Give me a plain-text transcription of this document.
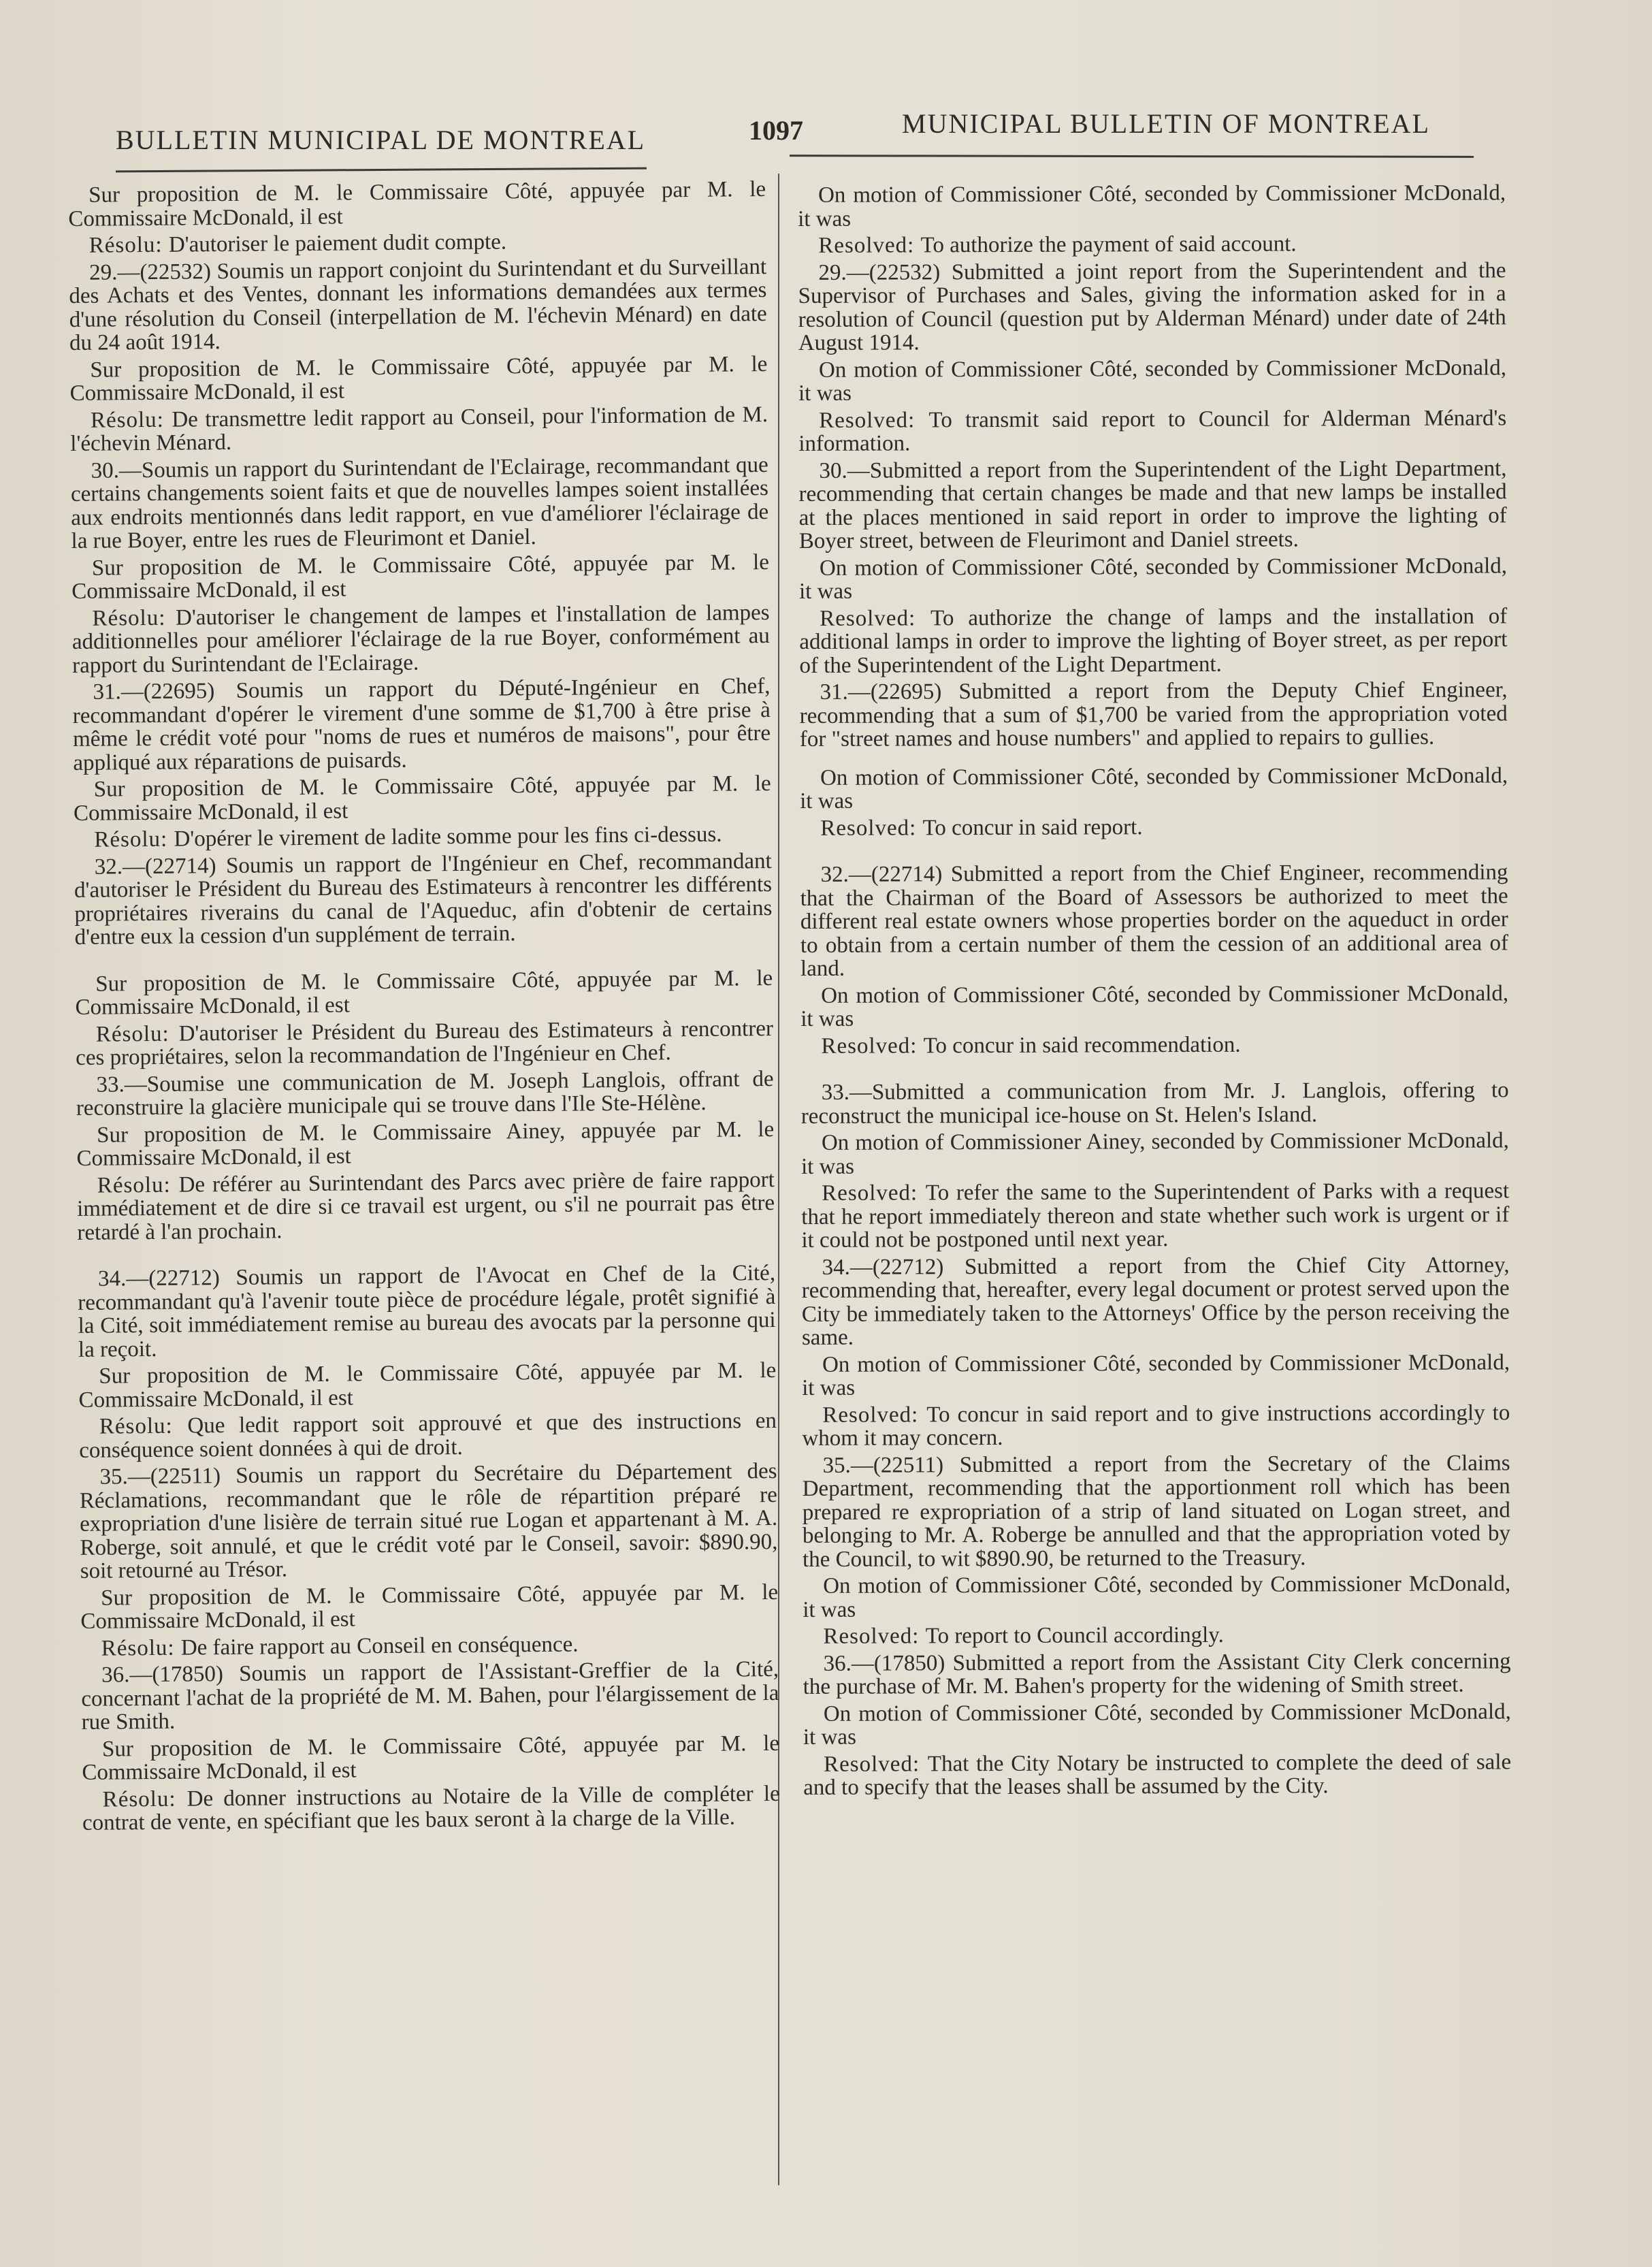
BULLETIN MUNICIPAL DE MONTREAL	1097	MUNICIPAL BULLETIN OF MONTREAL

Sur proposition de M. le Commissaire Côté, appuyée par M. le Commissaire McDonald, il est

Résolu: D'autoriser le paiement dudit compte.

29.—(22532) Soumis un rapport conjoint du Surintendant et du Surveillant des Achats et des Ventes, donnant les informations demandées aux termes d'une résolution du Conseil (interpellation de M. l'échevin Ménard) en date du 24 août 1914.

Sur proposition de M. le Commissaire Côté, appuyée par M. le Commissaire McDonald, il est

Résolu: De transmettre ledit rapport au Conseil, pour l'information de M. l'échevin Ménard.

30.—Soumis un rapport du Surintendant de l'Eclairage, recommandant que certains changements soient faits et que de nouvelles lampes soient installées aux endroits mentionnés dans ledit rapport, en vue d'améliorer l'éclairage de la rue Boyer, entre les rues de Fleurimont et Daniel.

Sur proposition de M. le Commissaire Côté, appuyée par M. le Commissaire McDonald, il est

Résolu: D'autoriser le changement de lampes et l'installation de lampes additionnelles pour améliorer l'éclairage de la rue Boyer, conformément au rapport du Surintendant de l'Eclairage.

31.—(22695) Soumis un rapport du Député-Ingénieur en Chef, recommandant d'opérer le virement d'une somme de $1,700 à être prise à même le crédit voté pour "noms de rues et numéros de maisons", pour être appliqué aux réparations de puisards.

Sur proposition de M. le Commissaire Côté, appuyée par M. le Commissaire McDonald, il est

Résolu: D'opérer le virement de ladite somme pour les fins ci-dessus.

32.—(22714) Soumis un rapport de l'Ingénieur en Chef, recommandant d'autoriser le Président du Bureau des Estimateurs à rencontrer les différents propriétaires riverains du canal de l'Aqueduc, afin d'obtenir de certains d'entre eux la cession d'un supplément de terrain.

Sur proposition de M. le Commissaire Côté, appuyée par M. le Commissaire McDonald, il est

Résolu: D'autoriser le Président du Bureau des Estimateurs à rencontrer ces propriétaires, selon la recommandation de l'Ingénieur en Chef.

33.—Soumise une communication de M. Joseph Langlois, offrant de reconstruire la glacière municipale qui se trouve dans l'Ile Ste-Hélène.

Sur proposition de M. le Commissaire Ainey, appuyée par M. le Commissaire McDonald, il est

Résolu: De référer au Surintendant des Parcs avec prière de faire rapport immédiatement et de dire si ce travail est urgent, ou s'il ne pourrait pas être retardé à l'an prochain.

34.—(22712) Soumis un rapport de l'Avocat en Chef de la Cité, recommandant qu'à l'avenir toute pièce de procédure légale, protêt signifié à la Cité, soit immédiatement remise au bureau des avocats par la personne qui la reçoit.

Sur proposition de M. le Commissaire Côté, appuyée par M. le Commissaire McDonald, il est

Résolu: Que ledit rapport soit approuvé et que des instructions en conséquence soient données à qui de droit.

35.—(22511) Soumis un rapport du Secrétaire du Département des Réclamations, recommandant que le rôle de répartition préparé re expropriation d'une lisière de terrain situé rue Logan et appartenant à M. A. Roberge, soit annulé, et que le crédit voté par le Conseil, savoir: $890.90, soit retourné au Trésor.

Sur proposition de M. le Commissaire Côté, appuyée par M. le Commissaire McDonald, il est

Résolu: De faire rapport au Conseil en conséquence.

36.—(17850) Soumis un rapport de l'Assistant-Greffier de la Cité, concernant l'achat de la propriété de M. M. Bahen, pour l'élargissement de la rue Smith.

Sur proposition de M. le Commissaire Côté, appuyée par M. le Commissaire McDonald, il est

Résolu: De donner instructions au Notaire de la Ville de compléter le contrat de vente, en spécifiant que les baux seront à la charge de la Ville.

On motion of Commissioner Côté, seconded by Commissioner McDonald, it was

Resolved: To authorize the payment of said account.

29.—(22532) Submitted a joint report from the Superintendent and the Supervisor of Purchases and Sales, giving the information asked for in a resolution of Council (question put by Alderman Ménard) under date of 24th August 1914.

On motion of Commissioner Côté, seconded by Commissioner McDonald, it was

Resolved: To transmit said report to Council for Alderman Ménard's information.

30.—Submitted a report from the Superintendent of the Light Department, recommending that certain changes be made and that new lamps be installed at the places mentioned in said report in order to improve the lighting of Boyer street, between de Fleurimont and Daniel streets.

On motion of Commissioner Côté, seconded by Commissioner McDonald, it was

Resolved: To authorize the change of lamps and the installation of additional lamps in order to improve the lighting of Boyer street, as per report of the Superintendent of the Light Department.

31.—(22695) Submitted a report from the Deputy Chief Engineer, recommending that a sum of $1,700 be varied from the appropriation voted for "street names and house numbers" and applied to repairs to gullies.

On motion of Commissioner Côté, seconded by Commissioner McDonald, it was

Resolved: To concur in said report.

32.—(22714) Submitted a report from the Chief Engineer, recommending that the Chairman of the Board of Assessors be authorized to meet the different real estate owners whose properties border on the aqueduct in order to obtain from a certain number of them the cession of an additional area of land.

On motion of Commissioner Côté, seconded by Commissioner McDonald, it was

Resolved: To concur in said recommendation.

33.—Submitted a communication from Mr. J. Langlois, offering to reconstruct the municipal ice-house on St. Helen's Island.

On motion of Commissioner Ainey, seconded by Commissioner McDonald, it was

Resolved: To refer the same to the Superintendent of Parks with a request that he report immediately thereon and state whether such work is urgent or if it could not be postponed until next year.

34.—(22712) Submitted a report from the Chief City Attorney, recommending that, hereafter, every legal document or protest served upon the City be immediately taken to the Attorneys' Office by the person receiving the same.

On motion of Commissioner Côté, seconded by Commissioner McDonald, it was

Resolved: To concur in said report and to give instructions accordingly to whom it may concern.

35.—(22511) Submitted a report from the Secretary of the Claims Department, recommending that the apportionment roll which has been prepared re expropriation of a strip of land situated on Logan street, and belonging to Mr. A. Roberge be annulled and that the appropriation voted by the Council, to wit $890.90, be returned to the Treasury.

On motion of Commissioner Côté, seconded by Commissioner McDonald, it was

Resolved: To report to Council accordingly.

36.—(17850) Submitted a report from the Assistant City Clerk concerning the purchase of Mr. M. Bahen's property for the widening of Smith street.

On motion of Commissioner Côté, seconded by Commissioner McDonald, it was

Resolved: That the City Notary be instructed to complete the deed of sale and to specify that the leases shall be assumed by the City.
